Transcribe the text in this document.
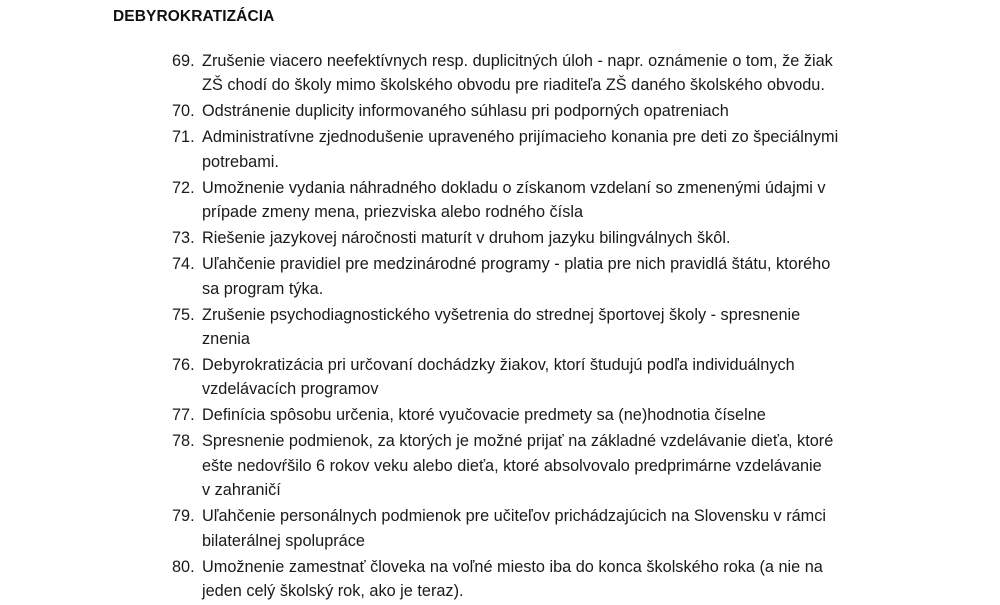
DEBYROKRATIZÁCIA
69. Zrušenie viacero neefektívnych resp. duplicitných úloh - napr. oznámenie o tom, že žiak
ZŠ chodí do školy mimo školského obvodu pre riaditeľa ZŠ daného školského obvodu.
70. Odstránenie duplicity informovaného súhlasu pri podporných opatreniach
71. Administratívne zjednodušenie upraveného prijímacieho konania pre deti zo špeciálnymi
potrebami.
72. Umožnenie vydania náhradného dokladu o získanom vzdelaní so zmenenými údajmi v
prípade zmeny mena, priezviska alebo rodného čísla
73. Riešenie jazykovej náročnosti maturít v druhom jazyku bilingválnych škôl.
74. Uľahčenie pravidiel pre medzinárodné programy - platia pre nich pravidlá štátu, ktorého
sa program týka.
75. Zrušenie psychodiagnostického vyšetrenia do strednej športovej školy - spresnenie
znenia
76. Debyrokratizácia pri určovaní dochádzky žiakov, ktorí študujú podľa individuálnych
vzdelávacích programov
77. Definícia spôsobu určenia, ktoré vyučovacie predmety sa (ne)hodnotia číselne
78. Spresnenie podmienok, za ktorých je možné prijať na základné vzdelávanie dieťa, ktoré
ešte nedovŕšilo 6 rokov veku alebo dieťa, ktoré absolvovalo predprimárne vzdelávanie
v zahraničí
79. Uľahčenie personálnych podmienok pre učiteľov prichádzajúcich na Slovensku v rámci
bilaterálnej spolupráce
80. Umožnenie zamestnať človeka na voľné miesto iba do konca školského roka (a nie na
jeden celý školský rok, ako je teraz).
